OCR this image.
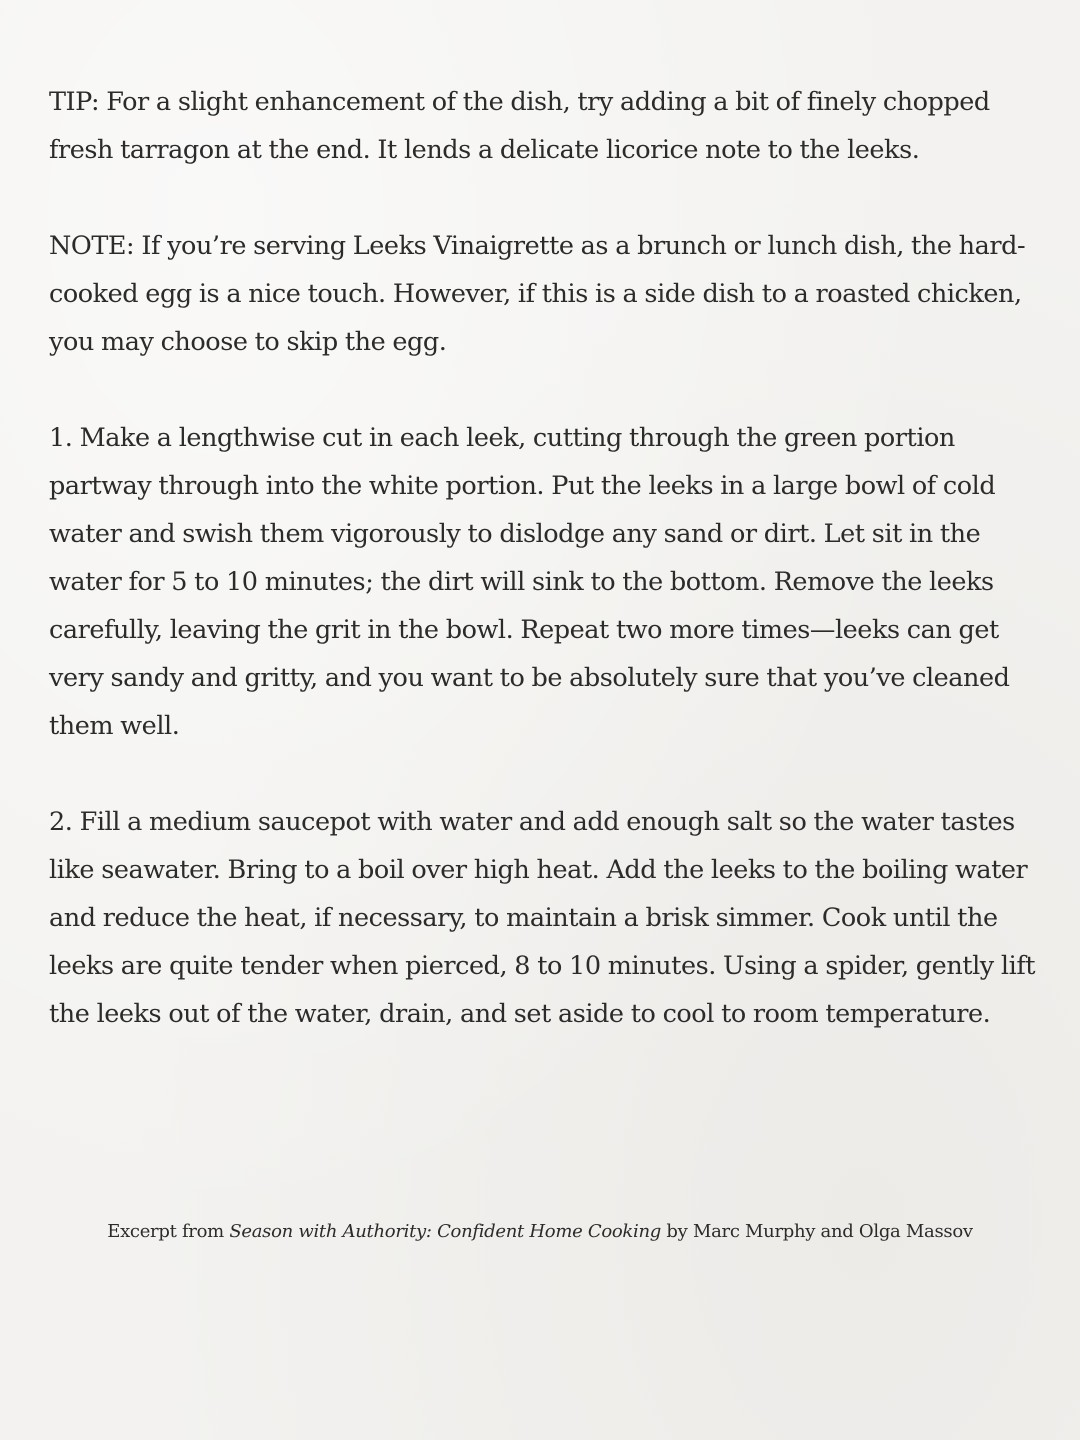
TIP: For a slight enhancement of the dish, try adding a bit of finely chopped fresh tarragon at the end. It lends a delicate licorice note to the leeks.

NOTE: If you’re serving Leeks Vinaigrette as a brunch or lunch dish, the hard-cooked egg is a nice touch. However, if this is a side dish to a roasted chicken, you may choose to skip the egg.

1. Make a lengthwise cut in each leek, cutting through the green portion partway through into the white portion. Put the leeks in a large bowl of cold water and swish them vigorously to dislodge any sand or dirt. Let sit in the water for 5 to 10 minutes; the dirt will sink to the bottom. Remove the leeks carefully, leaving the grit in the bowl. Repeat two more times—leeks can get very sandy and gritty, and you want to be absolutely sure that you’ve cleaned them well.

2. Fill a medium saucepot with water and add enough salt so the water tastes like seawater. Bring to a boil over high heat. Add the leeks to the boiling water and reduce the heat, if necessary, to maintain a brisk simmer. Cook until the leeks are quite tender when pierced, 8 to 10 minutes. Using a spider, gently lift the leeks out of the water, drain, and set aside to cool to room temperature.

Excerpt from Season with Authority: Confident Home Cooking by Marc Murphy and Olga Massov
